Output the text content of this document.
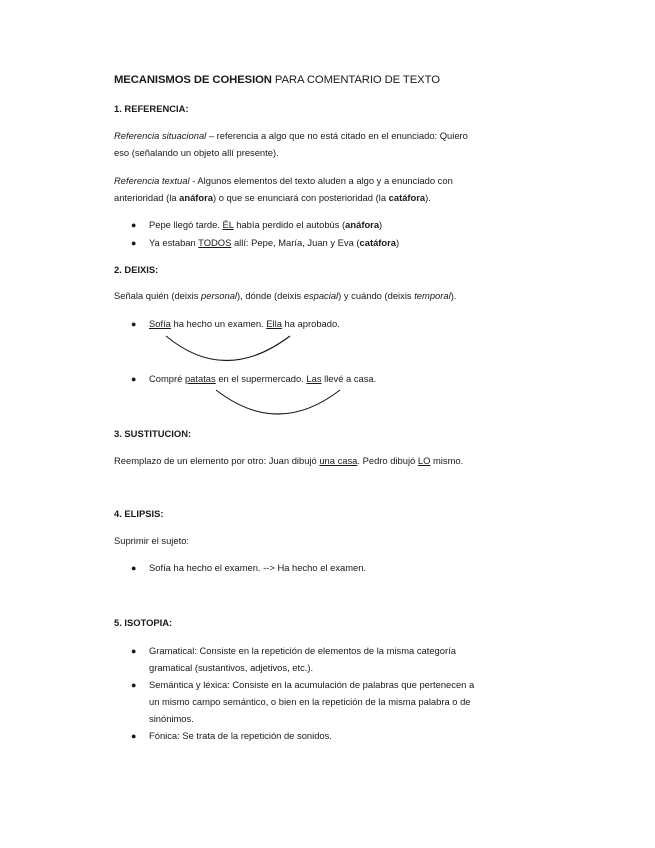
MECANISMOS DE COHESION PARA COMENTARIO DE TEXTO
1. REFERENCIA:
Referencia situacional – referencia a algo que no está citado en el enunciado: Quiero
eso (señalando un objeto allí presente).
Referencia textual - Algunos elementos del texto aluden a algo y a enunciado con
anterioridad (la anáfora) o que se enunciará con posterioridad (la catáfora).
● Pepe llegó tarde. ÉL había perdido el autobús (anáfora)
● Ya estaban TODOS allí: Pepe, María, Juan y Eva (catáfora)
2. DEIXIS:
Señala quién (deixis personal), dónde (deixis espacial) y cuándo (deixis temporal).
● Sofía ha hecho un examen. Ella ha aprobado.
● Compré patatas en el supermercado. Las llevé a casa.
3. SUSTITUCION:
Reemplazo de un elemento por otro: Juan dibujó una casa. Pedro dibujó LO mismo.
4. ELIPSIS:
Suprimir el sujeto:
● Sofía ha hecho el examen. --> Ha hecho el examen.
5. ISOTOPIA:
● Gramatical: Consiste en la repetición de elementos de la misma categoría
gramatical (sustantivos, adjetivos, etc.).
● Semántica y léxica: Consiste en la acumulación de palabras que pertenecen a
un mismo campo semántico, o bien en la repetición de la misma palabra o de
sinónimos.
● Fónica: Se trata de la repetición de sonidos.
